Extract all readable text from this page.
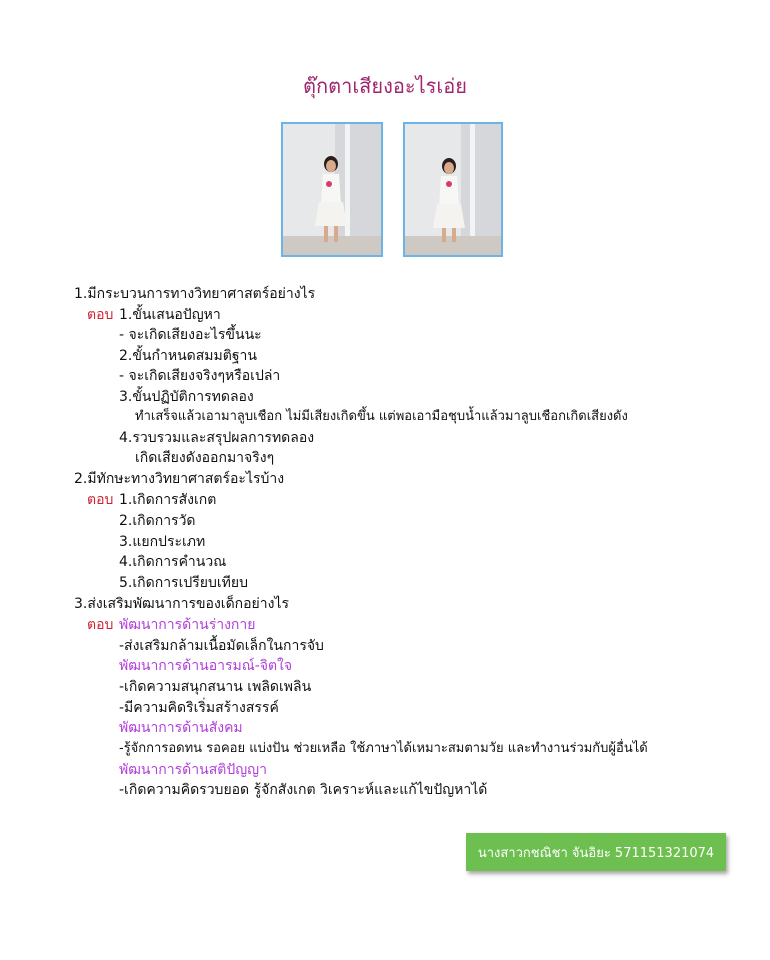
ตุ๊กตาเสียงอะไรเอ่ย
1.มีกระบวนการทางวิทยาศาสตร์อย่างไร
ตอบ 1.ขั้นเสนอปัญหา
- จะเกิดเสียงอะไรขึ้นนะ
2.ขั้นกำหนดสมมติฐาน
- จะเกิดเสียงจริงๆหรือเปล่า
3.ขั้นปฏิบัติการทดลอง
ทำเสร็จแล้วเอามาลูบเชือก ไม่มีเสียงเกิดขึ้น แต่พอเอามือชุบน้ำแล้วมาลูบเชือกเกิดเสียงดัง
4.รวบรวมและสรุปผลการทดลอง
เกิดเสียงดังออกมาจริงๆ
2.มีทักษะทางวิทยาศาสตร์อะไรบ้าง
ตอบ 1.เกิดการสังเกต
2.เกิดการวัด
3.แยกประเภท
4.เกิดการคำนวณ
5.เกิดการเปรียบเทียบ
3.ส่งเสริมพัฒนาการของเด็กอย่างไร
ตอบ พัฒนาการด้านร่างกาย
-ส่งเสริมกล้ามเนื้อมัดเล็กในการจับ
พัฒนาการด้านอารมณ์-จิตใจ
-เกิดความสนุกสนาน เพลิดเพลิน
-มีความคิดริเริ่มสร้างสรรค์
พัฒนาการด้านสังคม
-รู้จักการอดทน รอคอย แบ่งปัน ช่วยเหลือ ใช้ภาษาได้เหมาะสมตามวัย และทำงานร่วมกับผู้อื่นได้
พัฒนาการด้านสติปัญญา
-เกิดความคิดรวบยอด รู้จักสังเกต วิเคราะห์และแก้ไขปัญหาได้
นางสาวกชณิชา จันอิยะ 571151321074
